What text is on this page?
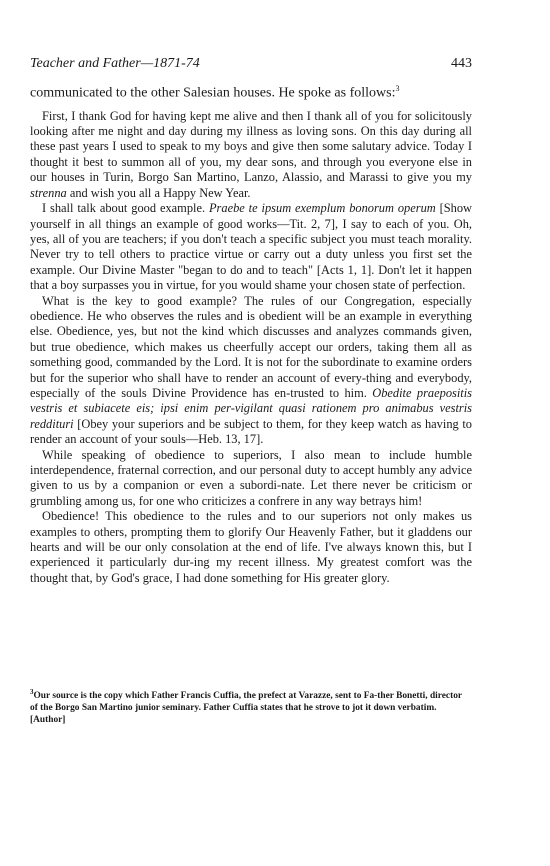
Teacher and Father—1871-74	443
communicated to the other Salesian houses. He spoke as follows:$^3$

First, I thank God for having kept me alive and then I thank all of you for solicitously looking after me night and day during my illness as loving sons. On this day during all these past years I used to speak to my boys and give then some salutary advice. Today I thought it best to summon all of you, my dear sons, and through you everyone else in our houses in Turin, Borgo San Martino, Lanzo, Alassio, and Marassi to give you my strenna and wish you all a Happy New Year.

I shall talk about good example. Praebe te ipsum exemplum bonorum operum [Show yourself in all things an example of good works—Tit. 2, 7], I say to each of you. Oh, yes, all of you are teachers; if you don't teach a specific subject you must teach morality. Never try to tell others to practice virtue or carry out a duty unless you first set the example. Our Divine Master "began to do and to teach" [Acts 1, 1]. Don't let it happen that a boy surpasses you in virtue, for you would shame your chosen state of perfection.

What is the key to good example? The rules of our Congregation, especially obedience. He who observes the rules and is obedient will be an example in everything else. Obedience, yes, but not the kind which discusses and analyzes commands given, but true obedience, which makes us cheerfully accept our orders, taking them all as something good, commanded by the Lord. It is not for the subordinate to examine orders but for the superior who shall have to render an account of every-thing and everybody, especially of the souls Divine Providence has en-trusted to him. Obedite praepositis vestris et subiacete eis; ipsi enim per-vigilant quasi rationem pro animabus vestris reddituri [Obey your superiors and be subject to them, for they keep watch as having to render an account of your souls—Heb. 13, 17].

While speaking of obedience to superiors, I also mean to include humble interdependence, fraternal correction, and our personal duty to accept humbly any advice given to us by a companion or even a subordi-nate. Let there never be criticism or grumbling among us, for one who criticizes a confrere in any way betrays him!

Obedience! This obedience to the rules and to our superiors not only makes us examples to others, prompting them to glorify Our Heavenly Father, but it gladdens our hearts and will be our only consolation at the end of life. I've always known this, but I experienced it particularly dur-ing my recent illness. My greatest comfort was the thought that, by God's grace, I had done something for His greater glory.

$^3$Our source is the copy which Father Francis Cuffia, the prefect at Varazze, sent to Fa-ther Bonetti, director of the Borgo San Martino junior seminary. Father Cuffia states that he strove to jot it down verbatim. [Author]
